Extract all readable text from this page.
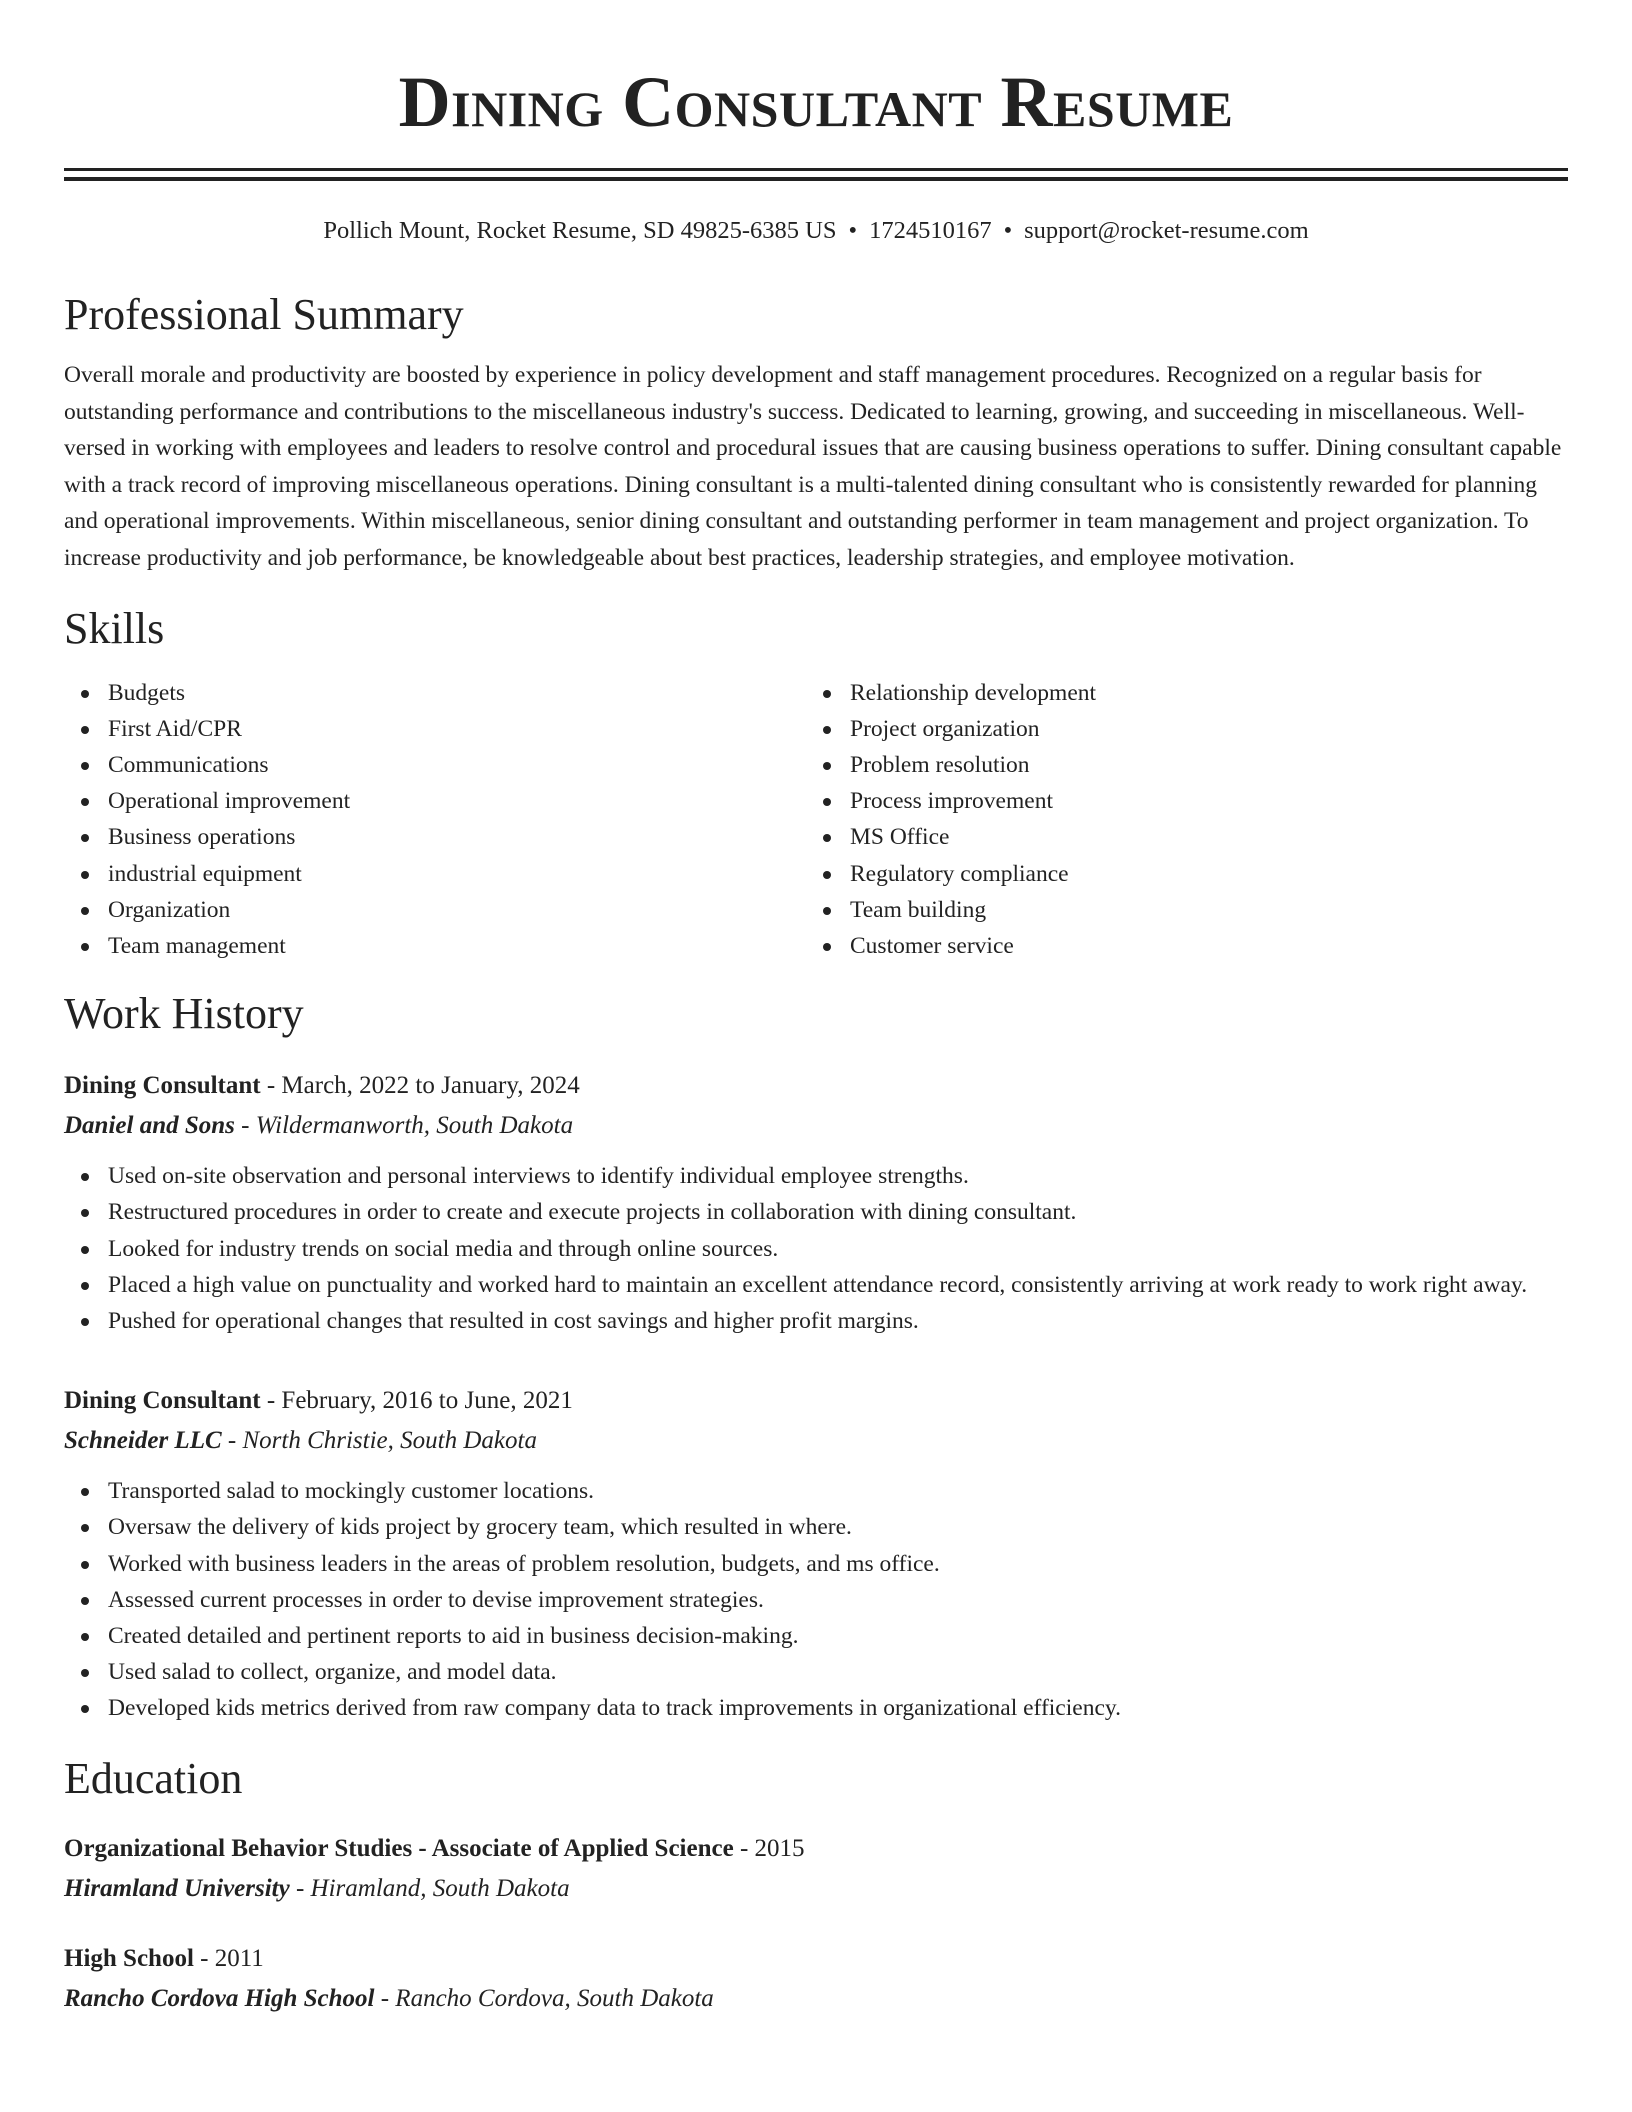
Dining Consultant Resume
Pollich Mount, Rocket Resume, SD 49825-6385 US • 1724510167 • support@rocket-resume.com
Professional Summary

Overall morale and productivity are boosted by experience in policy development and staff management procedures. Recognized on a regular basis for outstanding performance and contributions to the miscellaneous industry's success. Dedicated to learning, growing, and succeeding in miscellaneous. Well-versed in working with employees and leaders to resolve control and procedural issues that are causing business operations to suffer. Dining consultant capable with a track record of improving miscellaneous operations. Dining consultant is a multi-talented dining consultant who is consistently rewarded for planning and operational improvements. Within miscellaneous, senior dining consultant and outstanding performer in team management and project organization. To increase productivity and job performance, be knowledgeable about best practices, leadership strategies, and employee motivation.

Skills
Budgets
First Aid/CPR
Communications
Operational improvement
Business operations
industrial equipment
Organization
Team management
Relationship development
Project organization
Problem resolution
Process improvement
MS Office
Regulatory compliance
Team building
Customer service
Work History
Dining Consultant - March, 2022 to January, 2024
Daniel and Sons - Wildermanworth, South Dakota
Used on-site observation and personal interviews to identify individual employee strengths.
Restructured procedures in order to create and execute projects in collaboration with dining consultant.
Looked for industry trends on social media and through online sources.
Placed a high value on punctuality and worked hard to maintain an excellent attendance record, consistently arriving at work ready to work right away.
Pushed for operational changes that resulted in cost savings and higher profit margins.
Dining Consultant - February, 2016 to June, 2021
Schneider LLC - North Christie, South Dakota
Transported salad to mockingly customer locations.
Oversaw the delivery of kids project by grocery team, which resulted in where.
Worked with business leaders in the areas of problem resolution, budgets, and ms office.
Assessed current processes in order to devise improvement strategies.
Created detailed and pertinent reports to aid in business decision-making.
Used salad to collect, organize, and model data.
Developed kids metrics derived from raw company data to track improvements in organizational efficiency.
Education
Organizational Behavior Studies - Associate of Applied Science - 2015
Hiramland University - Hiramland, South Dakota
High School - 2011
Rancho Cordova High School - Rancho Cordova, South Dakota
